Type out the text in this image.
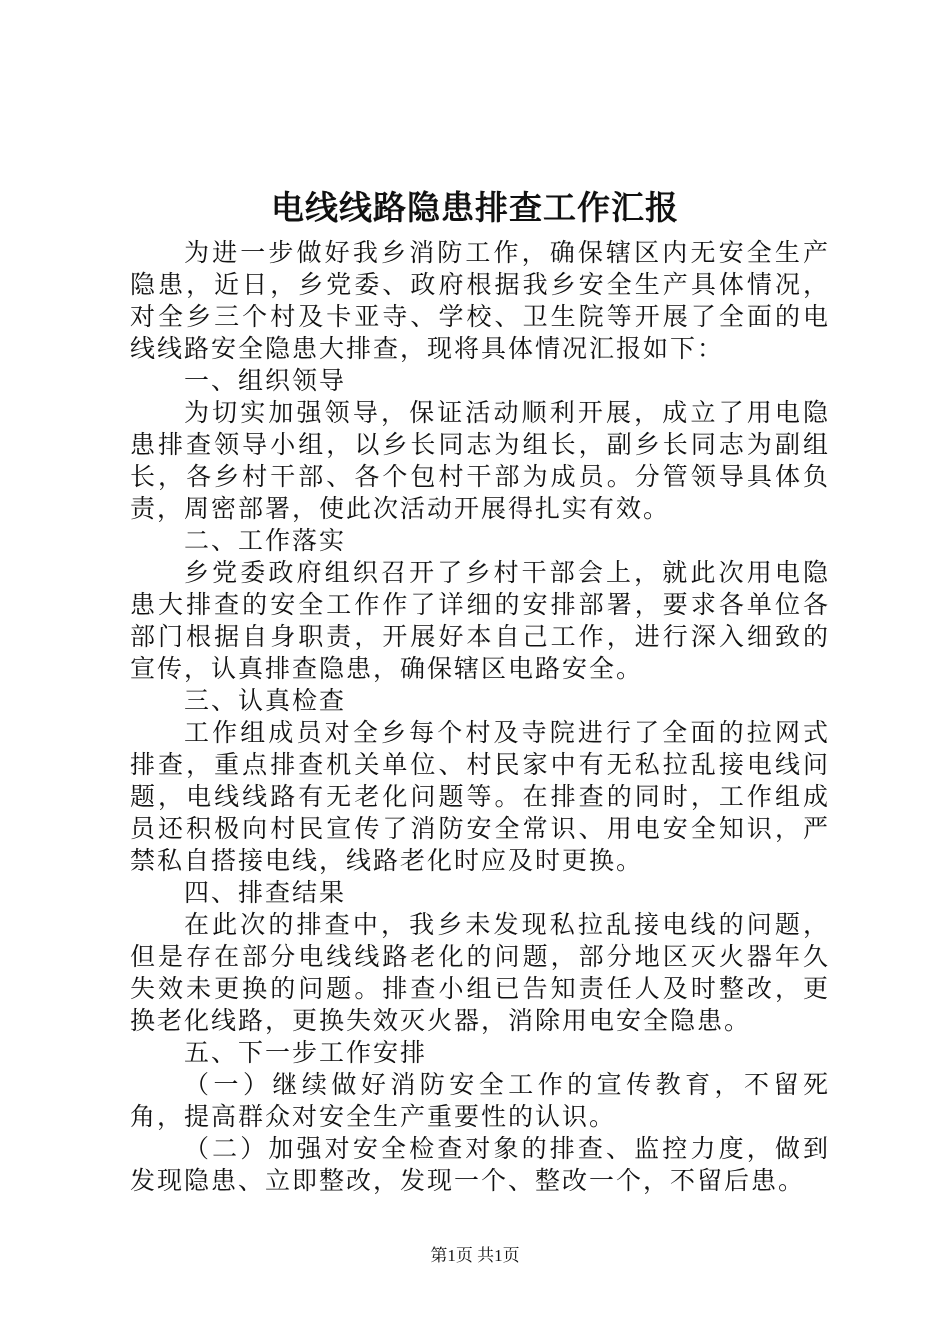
电线线路隐患排查工作汇报

为进一步做好我乡消防工作，确保辖区内无安全生产隐患，近日，乡党委、政府根据我乡安全生产具体情况，对全乡三个村及卡亚寺、学校、卫生院等开展了全面的电线线路安全隐患大排查，现将具体情况汇报如下：

一、组织领导

为切实加强领导，保证活动顺利开展，成立了用电隐患排查领导小组，以乡长同志为组长，副乡长同志为副组长，各乡村干部、各个包村干部为成员。分管领导具体负责，周密部署，使此次活动开展得扎实有效。

二、工作落实

乡党委政府组织召开了乡村干部会上，就此次用电隐患大排查的安全工作作了详细的安排部署，要求各单位各部门根据自身职责，开展好本自己工作，进行深入细致的宣传，认真排查隐患，确保辖区电路安全。

三、认真检查

工作组成员对全乡每个村及寺院进行了全面的拉网式排查，重点排查机关单位、村民家中有无私拉乱接电线问题，电线线路有无老化问题等。在排查的同时，工作组成员还积极向村民宣传了消防安全常识、用电安全知识，严禁私自搭接电线，线路老化时应及时更换。

四、排查结果

在此次的排查中，我乡未发现私拉乱接电线的问题，但是存在部分电线线路老化的问题，部分地区灭火器年久失效未更换的问题。排查小组已告知责任人及时整改，更换老化线路，更换失效灭火器，消除用电安全隐患。

五、下一步工作安排

（一）继续做好消防安全工作的宣传教育，不留死角，提高群众对安全生产重要性的认识。

（二）加强对安全检查对象的排查、监控力度，做到发现隐患、立即整改，发现一个、整改一个，不留后患。

第1页 共1页
